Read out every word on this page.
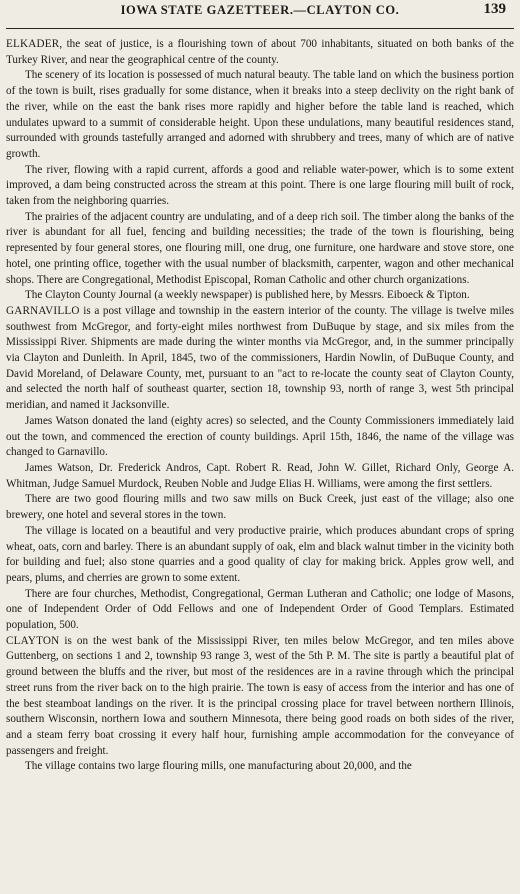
IOWA STATE GAZETTEER.—CLAYTON CO.	139

ELKADER, the seat of justice, is a flourishing town of about 700 inhabitants, situated on both banks of the Turkey River, and near the geographical centre of the county.

The scenery of its location is possessed of much natural beauty. The table land on which the business portion of the town is built, rises gradually for some distance, when it breaks into a steep declivity on the right bank of the river, while on the east the bank rises more rapidly and higher before the table land is reached, which undulates upward to a summit of considerable height. Upon these undulations, many beautiful residences stand, surrounded with grounds tastefully arranged and adorned with shrubbery and trees, many of which are of native growth.

The river, flowing with a rapid current, affords a good and reliable water-power, which is to some extent improved, a dam being constructed across the stream at this point. There is one large flouring mill built of rock, taken from the neighboring quarries.

The prairies of the adjacent country are undulating, and of a deep rich soil. The timber along the banks of the river is abundant for all fuel, fencing and building necessities; the trade of the town is flourishing, being represented by four general stores, one flouring mill, one drug, one furniture, one hardware and stove store, one hotel, one printing office, together with the usual number of blacksmith, carpenter, wagon and other mechanical shops. There are Congregational, Methodist Episcopal, Roman Catholic and other church organizations.

The Clayton County Journal (a weekly newspaper) is published here, by Messrs. Eiboeck & Tipton.

GARNAVILLO is a post village and township in the eastern interior of the county. The village is twelve miles southwest from McGregor, and forty-eight miles northwest from DuBuque by stage, and six miles from the Mississippi River. Shipments are made during the winter months via McGregor, and, in the summer principally via Clayton and Dunleith. In April, 1845, two of the commissioners, Hardin Nowlin, of DuBuque County, and David Moreland, of Delaware County, met, pursuant to an "act to re-locate the county seat of Clayton County, and selected the north half of southeast quarter, section 18, township 93, north of range 3, west 5th principal meridian, and named it Jacksonville.

James Watson donated the land (eighty acres) so selected, and the County Commissioners immediately laid out the town, and commenced the erection of county buildings. April 15th, 1846, the name of the village was changed to Garnavillo.

James Watson, Dr. Frederick Andros, Capt. Robert R. Read, John W. Gillet, Richard Only, George A. Whitman, Judge Samuel Murdock, Reuben Noble and Judge Elias H. Williams, were among the first settlers.

There are two good flouring mills and two saw mills on Buck Creek, just east of the village; also one brewery, one hotel and several stores in the town.

The village is located on a beautiful and very productive prairie, which produces abundant crops of spring wheat, oats, corn and barley. There is an abundant supply of oak, elm and black walnut timber in the vicinity both for building and fuel; also stone quarries and a good quality of clay for making brick. Apples grow well, and pears, plums, and cherries are grown to some extent.

There are four churches, Methodist, Congregational, German Lutheran and Catholic; one lodge of Masons, one of Independent Order of Odd Fellows and one of Independent Order of Good Templars. Estimated population, 500.

CLAYTON is on the west bank of the Mississippi River, ten miles below McGregor, and ten miles above Guttenberg, on sections 1 and 2, township 93 range 3, west of the 5th P. M. The site is partly a beautiful plat of ground between the bluffs and the river, but most of the residences are in a ravine through which the principal street runs from the river back on to the high prairie. The town is easy of access from the interior and has one of the best steamboat landings on the river. It is the principal crossing place for travel between northern Illinois, southern Wisconsin, northern Iowa and southern Minnesota, there being good roads on both sides of the river, and a steam ferry boat crossing it every half hour, furnishing ample accommodation for the conveyance of passengers and freight.

The village contains two large flouring mills, one manufacturing about 20,000, and the
